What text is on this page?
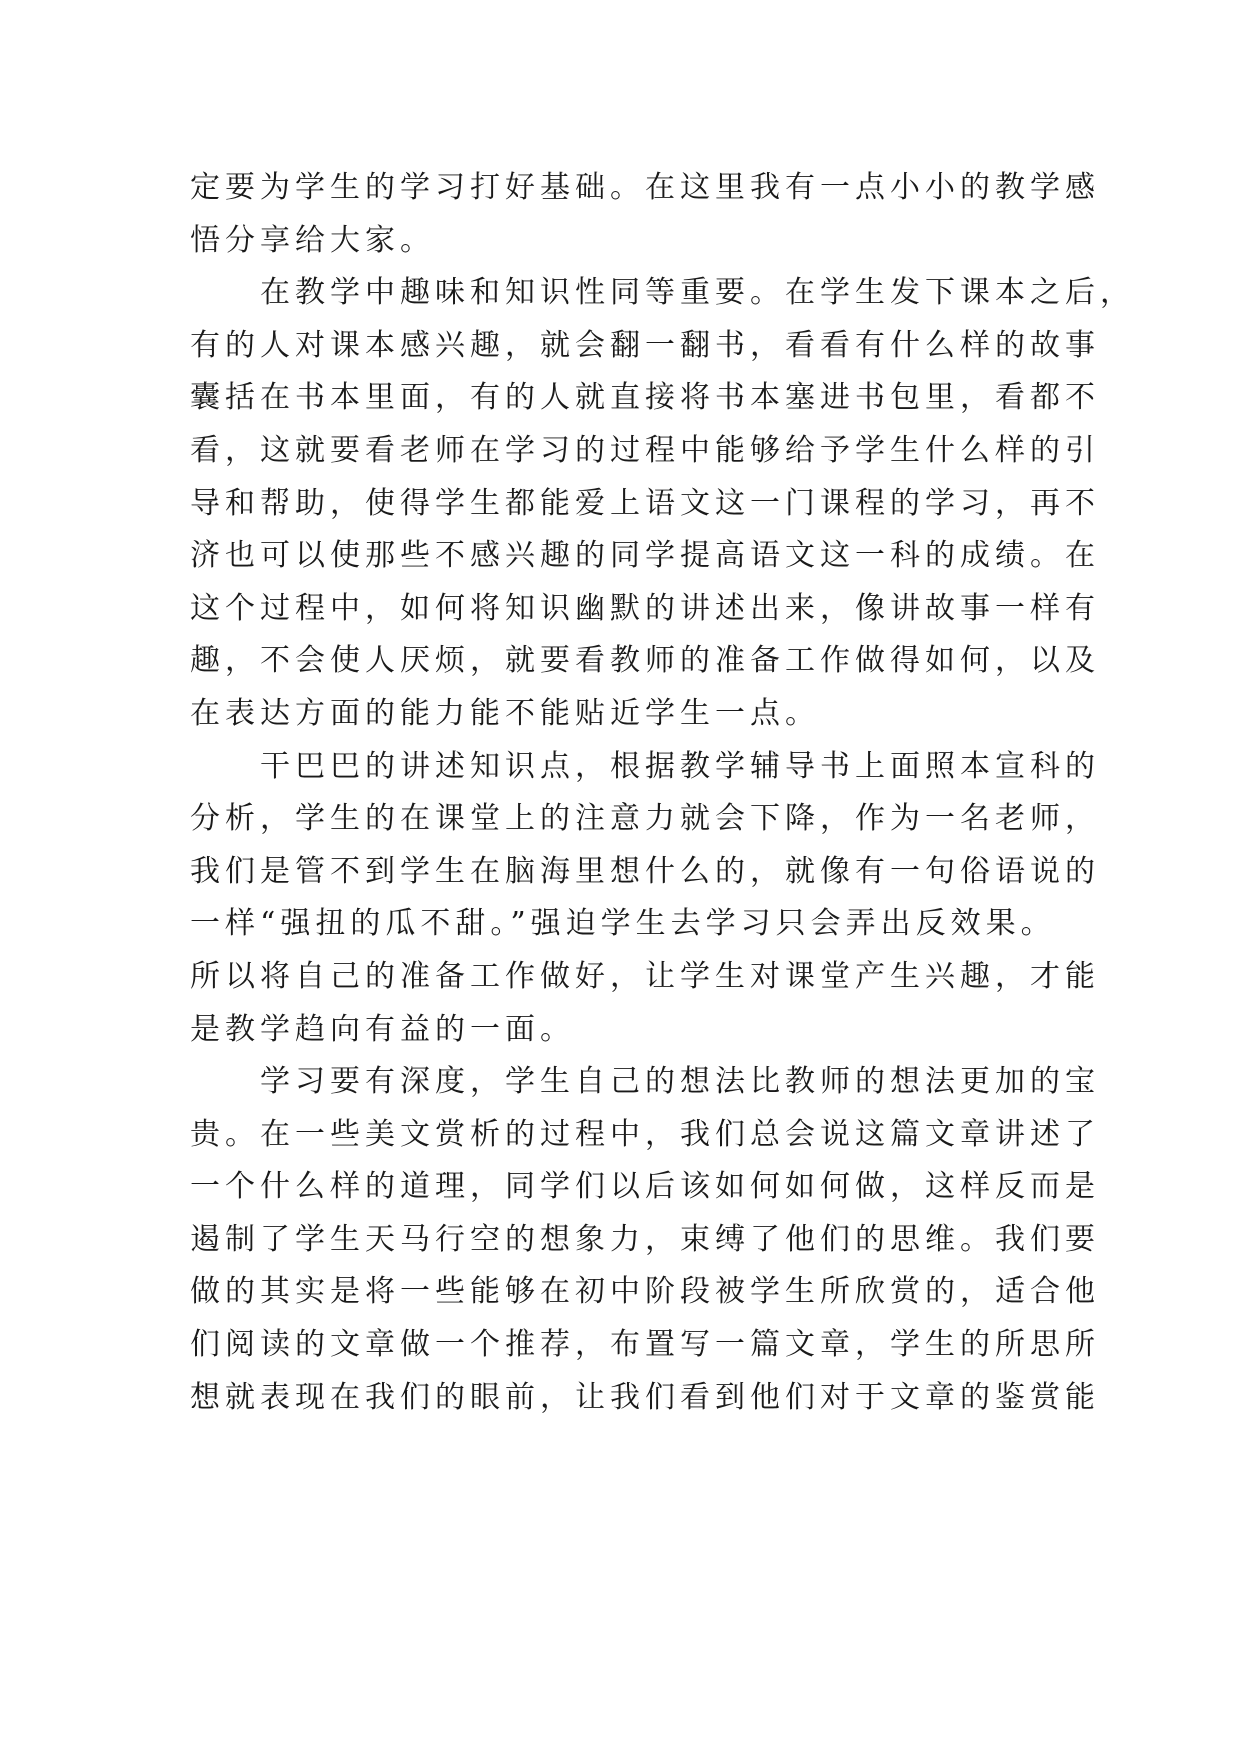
定要为学生的学习打好基础。在这里我有一点小小的教学感
悟分享给大家。
在教学中趣味和知识性同等重要。在学生发下课本之后，
有的人对课本感兴趣，就会翻一翻书，看看有什么样的故事
囊括在书本里面，有的人就直接将书本塞进书包里，看都不
看，这就要看老师在学习的过程中能够给予学生什么样的引
导和帮助，使得学生都能爱上语文这一门课程的学习，再不
济也可以使那些不感兴趣的同学提高语文这一科的成绩。在
这个过程中，如何将知识幽默的讲述出来，像讲故事一样有
趣，不会使人厌烦，就要看教师的准备工作做得如何，以及
在表达方面的能力能不能贴近学生一点。
干巴巴的讲述知识点，根据教学辅导书上面照本宣科的
分析，学生的在课堂上的注意力就会下降，作为一名老师，
我们是管不到学生在脑海里想什么的，就像有一句俗语说的
一样“强扭的瓜不甜。”强迫学生去学习只会弄出反效果。
所以将自己的准备工作做好，让学生对课堂产生兴趣，才能
是教学趋向有益的一面。
学习要有深度，学生自己的想法比教师的想法更加的宝
贵。在一些美文赏析的过程中，我们总会说这篇文章讲述了
一个什么样的道理，同学们以后该如何如何做，这样反而是
遏制了学生天马行空的想象力，束缚了他们的思维。我们要
做的其实是将一些能够在初中阶段被学生所欣赏的，适合他
们阅读的文章做一个推荐，布置写一篇文章，学生的所思所
想就表现在我们的眼前，让我们看到他们对于文章的鉴赏能
